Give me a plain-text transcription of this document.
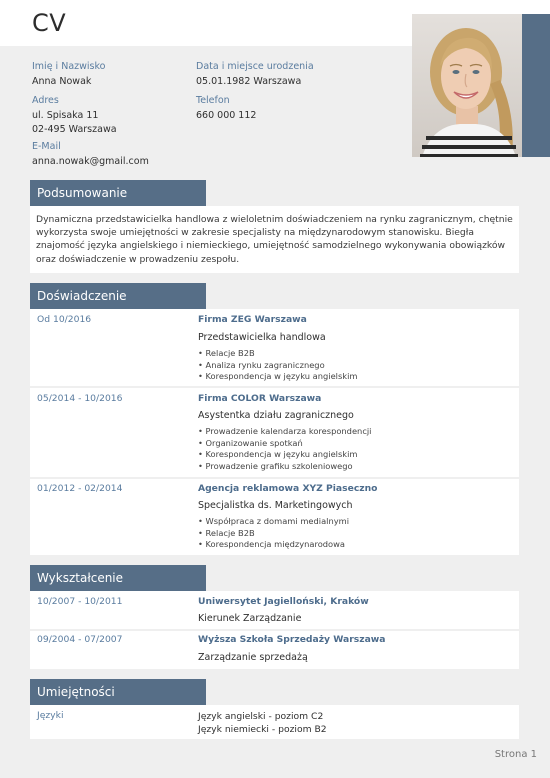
CV
Imię i Nazwisko
Anna Nowak
Data i miejsce urodzenia
05.01.1982 Warszawa
Adres
ul. Spisaka 11
02-495 Warszawa
Telefon
660 000 112
E-Mail
anna.nowak@gmail.com
Podsumowanie

Dynamiczna przedstawicielka handlowa z wieloletnim doświadczeniem na rynku zagranicznym, chętnie wykorzysta swoje umiejętności w zakresie specjalisty na międzynarodowym stanowisku. Biegła znajomość języka angielskiego i niemieckiego, umiejętność samodzielnego wykonywania obowiązków oraz doświadczenie w prowadzeniu zespołu.

Doświadczenie
Od 10/2016	Firma ZEG Warszawa
Przedstawicielka handlowa
• Relacje B2B
• Analiza rynku zagranicznego
• Korespondencja w języku angielskim
05/2014 - 10/2016	Firma COLOR Warszawa
Asystentka działu zagranicznego
• Prowadzenie kalendarza korespondencji
• Organizowanie spotkań
• Korespondencja w języku angielskim
• Prowadzenie grafiku szkoleniowego
01/2012 - 02/2014	Agencja reklamowa XYZ Piaseczno
Specjalistka ds. Marketingowych
• Współpraca z domami medialnymi
• Relacje B2B
• Korespondencja międzynarodowa
Wykształcenie
10/2007 - 10/2011	Uniwersytet Jagielloński, Kraków
Kierunek Zarządzanie
09/2004 - 07/2007	Wyższa Szkoła Sprzedaży Warszawa
Zarządzanie sprzedażą
Umiejętności
Języki	Język angielski - poziom C2
Język niemiecki - poziom B2
Strona 1
